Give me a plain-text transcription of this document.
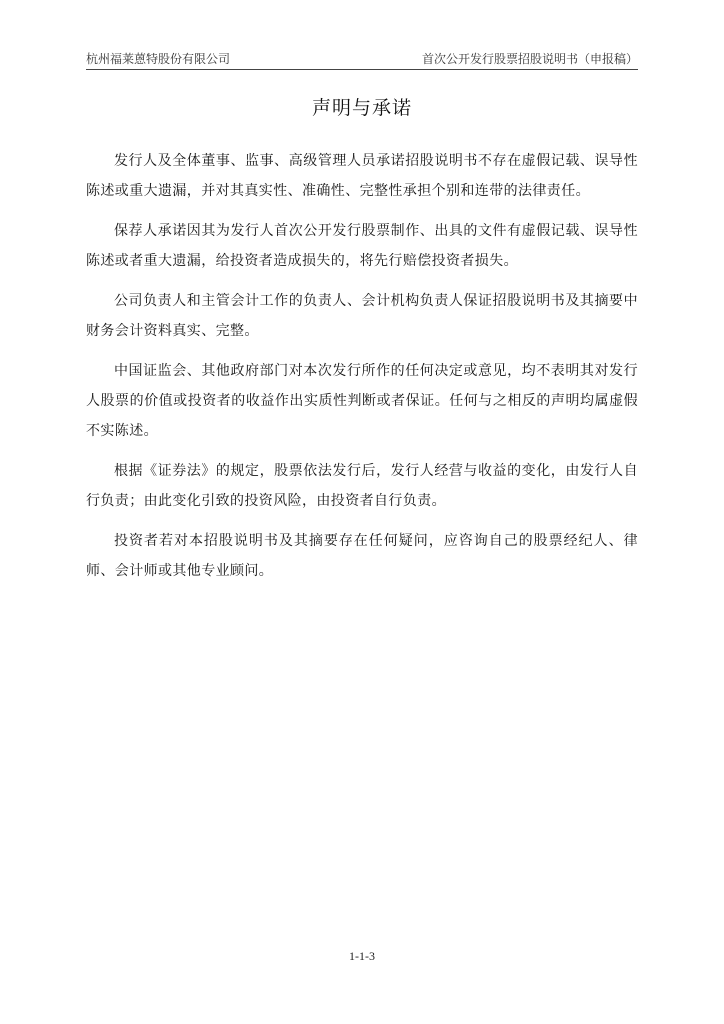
杭州福莱蒽特股份有限公司	首次公开发行股票招股说明书（申报稿）
声明与承诺

发行人及全体董事、监事、高级管理人员承诺招股说明书不存在虚假记载、误导性陈述或重大遗漏，并对其真实性、准确性、完整性承担个别和连带的法律责任。

保荐人承诺因其为发行人首次公开发行股票制作、出具的文件有虚假记载、误导性陈述或者重大遗漏，给投资者造成损失的，将先行赔偿投资者损失。

公司负责人和主管会计工作的负责人、会计机构负责人保证招股说明书及其摘要中财务会计资料真实、完整。

中国证监会、其他政府部门对本次发行所作的任何决定或意见，均不表明其对发行人股票的价值或投资者的收益作出实质性判断或者保证。任何与之相反的声明均属虚假不实陈述。

根据《证券法》的规定，股票依法发行后，发行人经营与收益的变化，由发行人自行负责；由此变化引致的投资风险，由投资者自行负责。

投资者若对本招股说明书及其摘要存在任何疑问，应咨询自己的股票经纪人、律师、会计师或其他专业顾问。

1-1-3
